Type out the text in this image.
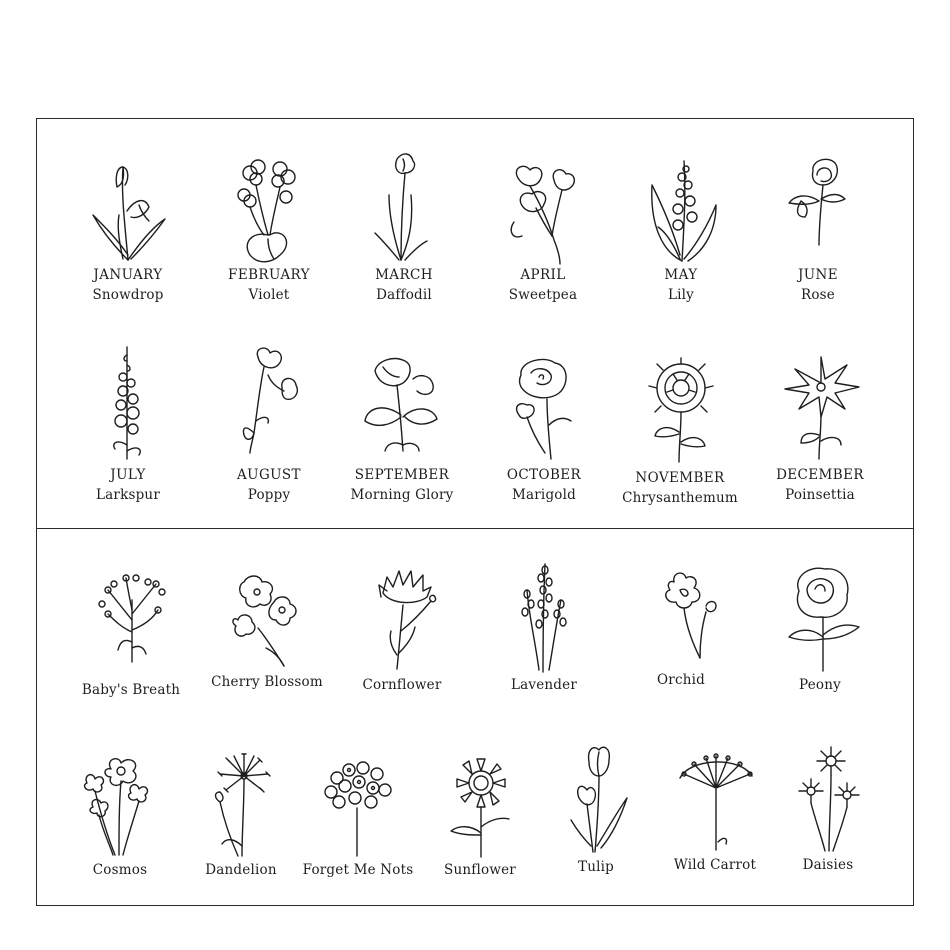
JANUARY
Snowdrop
FEBRUARY
Violet
MARCH
Daffodil
APRIL
Sweetpea
MAY
Lily
JUNE
Rose
JULY
Larkspur
AUGUST
Poppy
SEPTEMBER
Morning Glory
OCTOBER
Marigold
NOVEMBER
Chrysanthemum
DECEMBER
Poinsettia
Baby's Breath	Cherry Blossom	Cornflower	Lavender	Orchid	Peony
Cosmos	Dandelion	Forget Me Nots	Sunflower	Tulip	Wild Carrot	Daisies
